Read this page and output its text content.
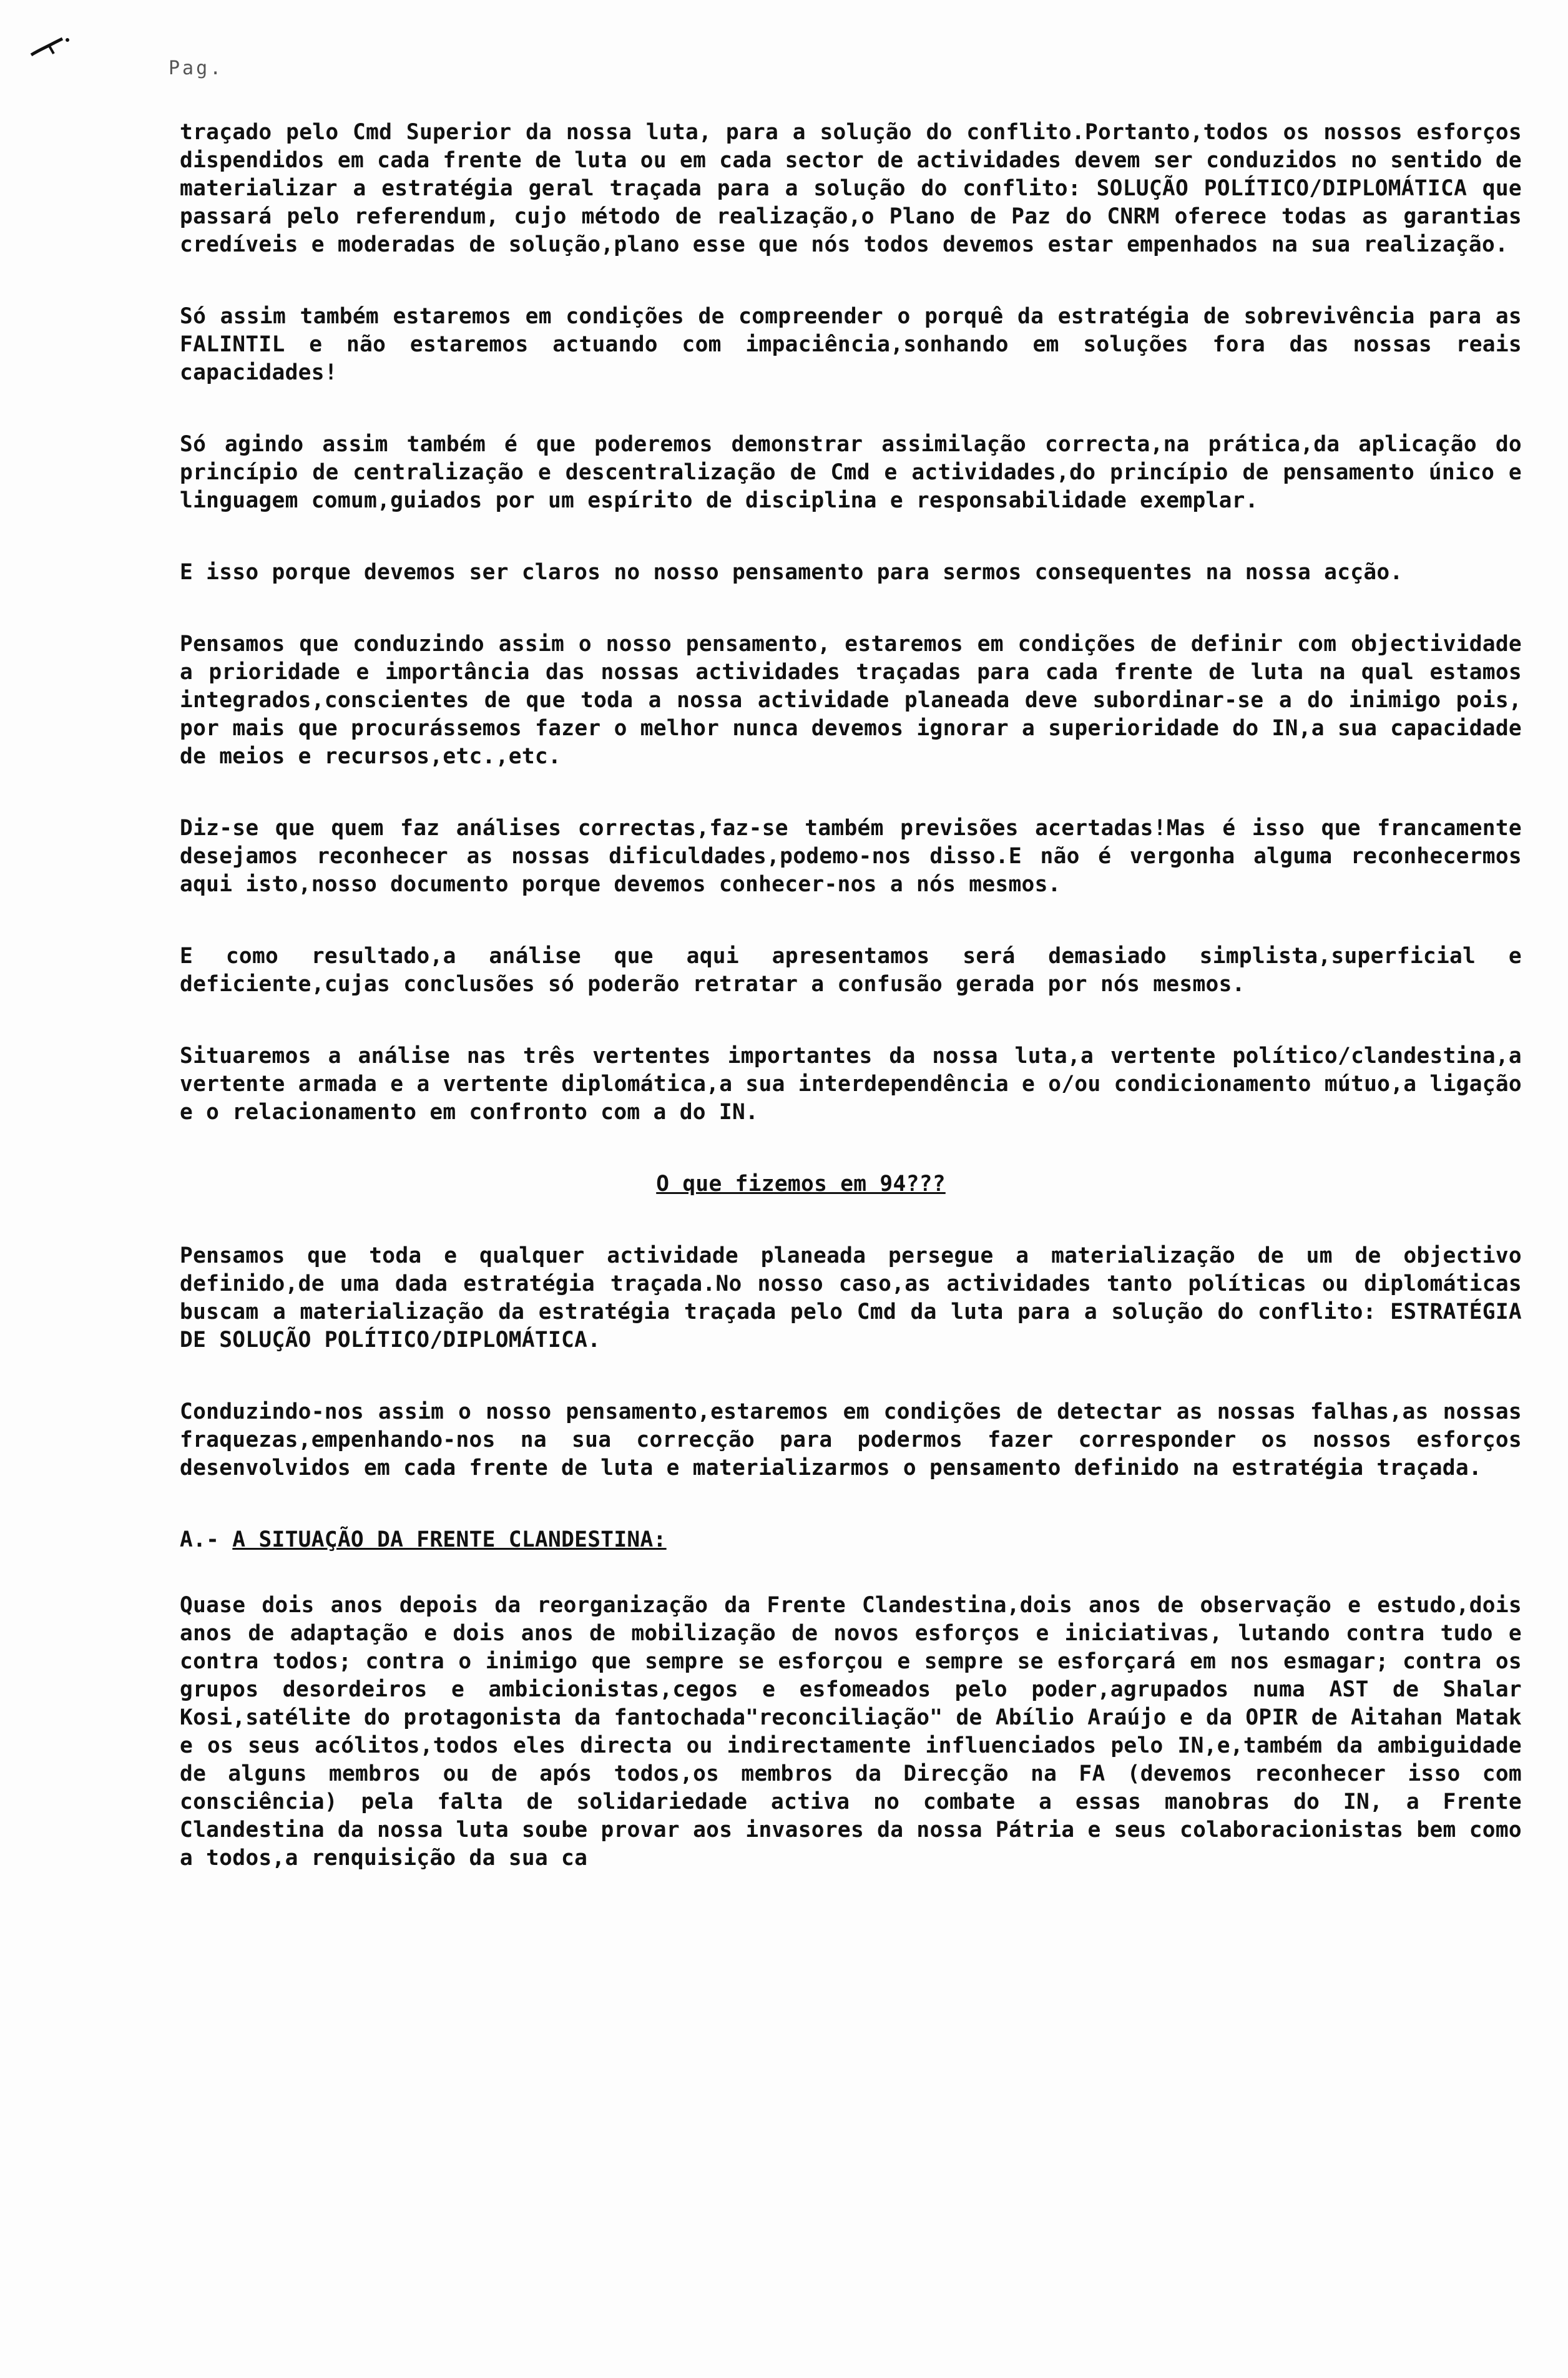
Pag.

traçado pelo Cmd Superior da nossa luta, para a solução do conflito.Portanto,todos os nossos esforços dispendidos em cada frente de luta ou em cada sector de actividades devem ser conduzidos no sentido de materializar a estratégia geral traçada para a solução do conflito: SOLUÇÃO POLÍTICO/DIPLOMÁTICA que passará pelo referendum, cujo método de realização,o Plano de Paz do CNRM oferece todas as garantias credíveis e moderadas de solução,plano esse que nós todos devemos estar empenhados na sua realização.

Só assim também estaremos em condições de compreender o porquê da estratégia de sobrevivência para as FALINTIL e não estaremos actuando com impaciência,sonhando em soluções fora das nossas reais capacidades!

Só agindo assim também é que poderemos demonstrar assimilação correcta,na prática,da aplicação do princípio de centralização e descentralização de Cmd e actividades,do princípio de pensamento único e linguagem comum,guiados por um espírito de disciplina e responsabilidade exemplar.

E isso porque devemos ser claros no nosso pensamento para sermos consequentes na nossa acção.

Pensamos que conduzindo assim o nosso pensamento, estaremos em condições de definir com objectividade a prioridade e importância das nossas actividades traçadas para cada frente de luta na qual estamos integrados,conscientes de que toda a nossa actividade planeada deve subordinar-se a do inimigo pois, por mais que procurássemos fazer o melhor nunca devemos ignorar a superioridade do IN,a sua capacidade de meios e recursos,etc.,etc.

Diz-se que quem faz análises correctas,faz-se também previsões acertadas!Mas é isso que francamente desejamos reconhecer as nossas dificuldades,podemo-nos disso.E não é vergonha alguma reconhecermos aqui isto,nosso documento porque devemos conhecer-nos a nós mesmos.

E como resultado,a análise que aqui apresentamos será demasiado simplista,superficial e deficiente,cujas conclusões só poderão retratar a confusão gerada por nós mesmos.

Situaremos a análise nas três vertentes importantes da nossa luta,a vertente político/clandestina,a vertente armada e a vertente diplomática,a sua interdependência e o/ou condicionamento mútuo,a ligação e o relacionamento em confronto com a do IN.

O que fizemos em 94???

Pensamos que toda e qualquer actividade planeada persegue a materialização de um de objectivo definido,de uma dada estratégia traçada.No nosso caso,as actividades tanto políticas ou diplomáticas buscam a materialização da estratégia traçada pelo Cmd da luta para a solução do conflito: ESTRATÉGIA DE SOLUÇÃO POLÍTICO/DIPLOMÁTICA.

Conduzindo-nos assim o nosso pensamento,estaremos em condições de detectar as nossas falhas,as nossas fraquezas,empenhando-nos na sua correcção para podermos fazer corresponder os nossos esforços desenvolvidos em cada frente de luta e materializarmos o pensamento definido na estratégia traçada.

A.- A SITUAÇÃO DA FRENTE CLANDESTINA:

Quase dois anos depois da reorganização da Frente Clandestina,dois anos de observação e estudo,dois anos de adaptação e dois anos de mobilização de novos esforços e iniciativas, lutando contra tudo e contra todos; contra o inimigo que sempre se esforçou e sempre se esforçará em nos esmagar; contra os grupos desordeiros e ambicionistas,cegos e esfomeados pelo poder,agrupados numa AST de Shalar Kosi,satélite do protagonista da fantochada"reconciliação" de Abílio Araújo e da OPIR de Aitahan Matak e os seus acólitos,todos eles directa ou indirectamente influenciados pelo IN,e,também da ambiguidade de alguns membros ou de após todos,os membros da Direcção na FA (devemos reconhecer isso com consciência) pela falta de solidariedade activa no combate a essas manobras do IN, a Frente Clandestina da nossa luta soube provar aos invasores da nossa Pátria e seus colaboracionistas bem como a todos,a renquisição da sua ca
